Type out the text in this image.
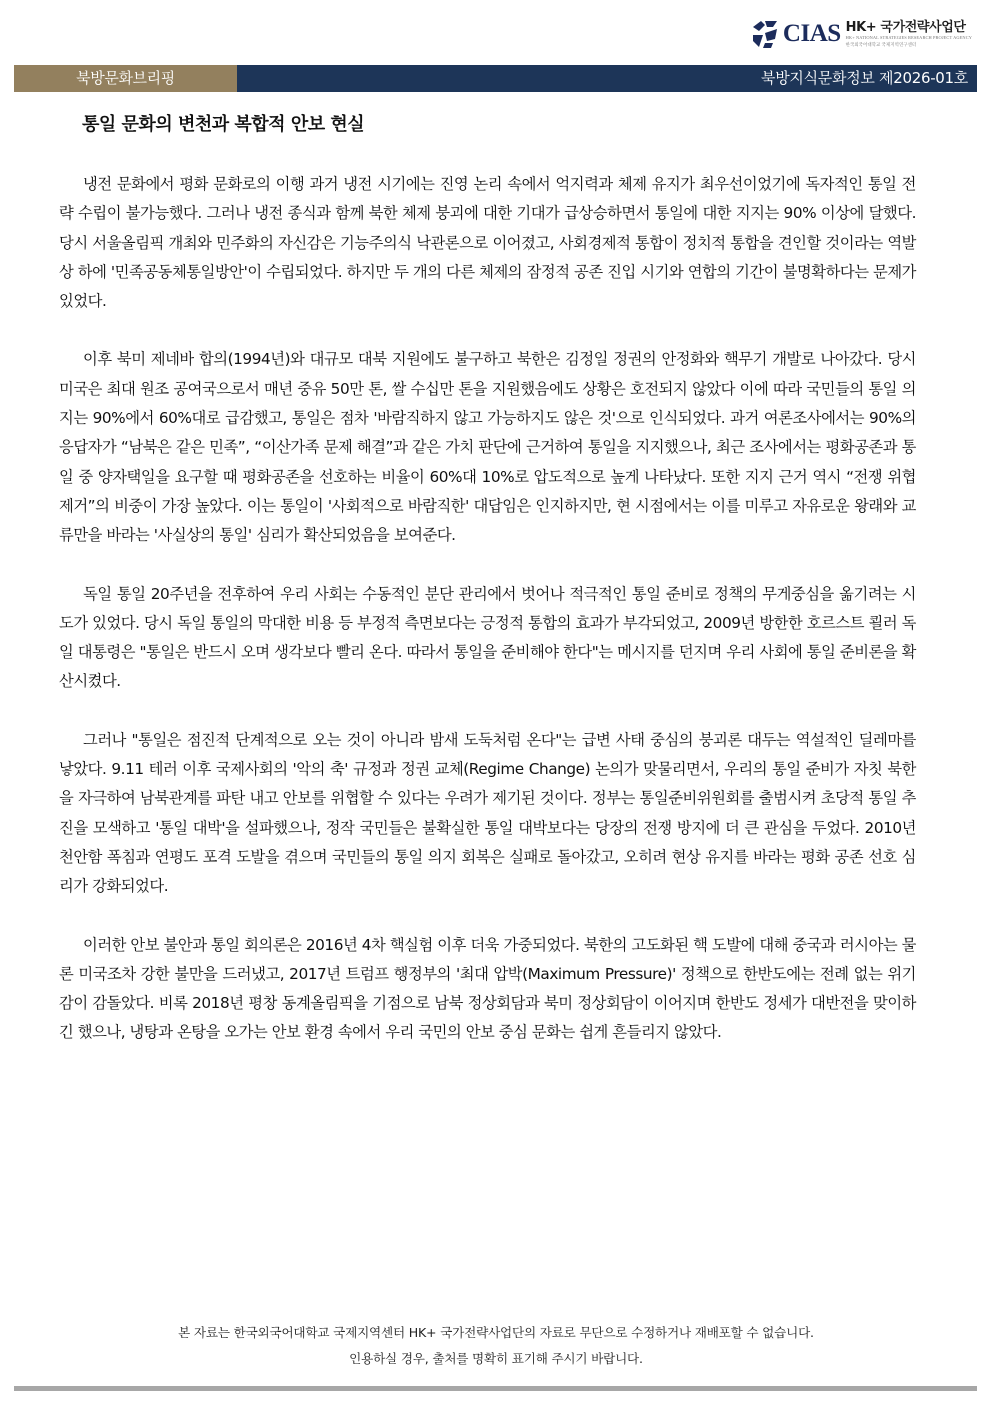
CIAS HK+ 국가전략사업단
HK+ NATIONAL STRATEGIES RESEARCH PROJECT AGENCY
한국외국어대학교 국제지역연구센터
북방문화브리핑	북방지식문화정보 제2026-01호
통일 문화의 변천과 복합적 안보 현실

냉전 문화에서 평화 문화로의 이행 과거 냉전 시기에는 진영 논리 속에서 억지력과 체제 유지가 최우선이었기에 독자적인 통일 전략 수립이 불가능했다. 그러나 냉전 종식과 함께 북한 체제 붕괴에 대한 기대가 급상승하면서 통일에 대한 지지는 90% 이상에 달했다. 당시 서울올림픽 개최와 민주화의 자신감은 기능주의식 낙관론으로 이어졌고, 사회경제적 통합이 정치적 통합을 견인할 것이라는 역발상 하에 '민족공동체통일방안'이 수립되었다. 하지만 두 개의 다른 체제의 잠정적 공존 진입 시기와 연합의 기간이 불명확하다는 문제가 있었다.

이후 북미 제네바 합의(1994년)와 대규모 대북 지원에도 불구하고 북한은 김정일 정권의 안정화와 핵무기 개발로 나아갔다. 당시 미국은 최대 원조 공여국으로서 매년 중유 50만 톤, 쌀 수십만 톤을 지원했음에도 상황은 호전되지 않았다 이에 따라 국민들의 통일 의지는 90%에서 60%대로 급감했고, 통일은 점차 '바람직하지 않고 가능하지도 않은 것'으로 인식되었다. 과거 여론조사에서는 90%의 응답자가 “남북은 같은 민족”, “이산가족 문제 해결”과 같은 가치 판단에 근거하여 통일을 지지했으나, 최근 조사에서는 평화공존과 통일 중 양자택일을 요구할 때 평화공존을 선호하는 비율이 60%대 10%로 압도적으로 높게 나타났다. 또한 지지 근거 역시 “전쟁 위협 제거”의 비중이 가장 높았다. 이는 통일이 '사회적으로 바람직한' 대답임은 인지하지만, 현 시점에서는 이를 미루고 자유로운 왕래와 교류만을 바라는 '사실상의 통일' 심리가 확산되었음을 보여준다.

독일 통일 20주년을 전후하여 우리 사회는 수동적인 분단 관리에서 벗어나 적극적인 통일 준비로 정책의 무게중심을 옮기려는 시도가 있었다. 당시 독일 통일의 막대한 비용 등 부정적 측면보다는 긍정적 통합의 효과가 부각되었고, 2009년 방한한 호르스트 쾰러 독일 대통령은 "통일은 반드시 오며 생각보다 빨리 온다. 따라서 통일을 준비해야 한다"는 메시지를 던지며 우리 사회에 통일 준비론을 확산시켰다.

그러나 "통일은 점진적 단계적으로 오는 것이 아니라 밤새 도둑처럼 온다"는 급변 사태 중심의 붕괴론 대두는 역설적인 딜레마를 낳았다. 9.11 테러 이후 국제사회의 '악의 축' 규정과 정권 교체(Regime Change) 논의가 맞물리면서, 우리의 통일 준비가 자칫 북한을 자극하여 남북관계를 파탄 내고 안보를 위협할 수 있다는 우려가 제기된 것이다. 정부는 통일준비위원회를 출범시켜 초당적 통일 추진을 모색하고 '통일 대박'을 설파했으나, 정작 국민들은 불확실한 통일 대박보다는 당장의 전쟁 방지에 더 큰 관심을 두었다. 2010년 천안함 폭침과 연평도 포격 도발을 겪으며 국민들의 통일 의지 회복은 실패로 돌아갔고, 오히려 현상 유지를 바라는 평화 공존 선호 심리가 강화되었다.

이러한 안보 불안과 통일 회의론은 2016년 4차 핵실험 이후 더욱 가중되었다. 북한의 고도화된 핵 도발에 대해 중국과 러시아는 물론 미국조차 강한 불만을 드러냈고, 2017년 트럼프 행정부의 '최대 압박(Maximum Pressure)' 정책으로 한반도에는 전례 없는 위기감이 감돌았다. 비록 2018년 평창 동계올림픽을 기점으로 남북 정상회담과 북미 정상회담이 이어지며 한반도 정세가 대반전을 맞이하긴 했으나, 냉탕과 온탕을 오가는 안보 환경 속에서 우리 국민의 안보 중심 문화는 쉽게 흔들리지 않았다.

본 자료는 한국외국어대학교 국제지역센터 HK+ 국가전략사업단의 자료로 무단으로 수정하거나 재배포할 수 없습니다.
인용하실 경우, 출처를 명확히 표기해 주시기 바랍니다.
